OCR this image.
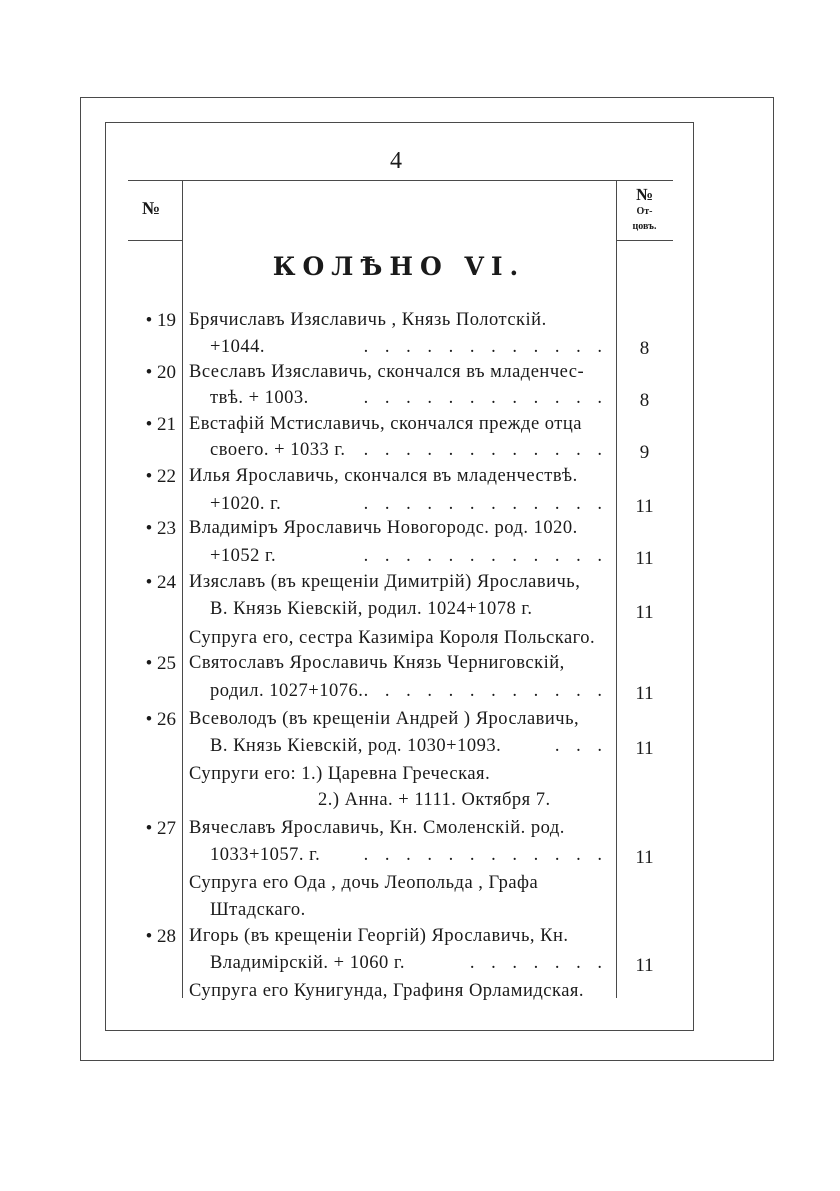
4
№
№
От-
цовъ.
КОЛѢНО VI.
• 19 Брячиславъ Изяславичь , Князь Полотскій.
+1044.	. . . . . . . . . . . .	8
• 20 Всеславъ Изяславичь, скончался въ младенчес-
твѣ. + 1003.	. . . . . . . . . . . .	8
• 21 Евстафій Мстиславичь, скончался прежде отца
своего. + 1033 г. . . . . . . . . . . . .	9
• 22 Илья Ярославичь, скончался въ младенчествѣ.
+1020. г.	. . . . . . . . . . . .	11
• 23 Владиміръ Ярославичь Новогородс. род. 1020.
+1052 г.	. . . . . . . . . . . .	11
• 24 Изяславъ (въ крещеніи Димитрій) Ярославичь,
В. Князь Кіевскій, родил. 1024+1078 г.	11
Супруга его, сестра Казиміра Короля Польскаго.
• 25 Святославъ Ярославичь Князь Черниговскій,
родил. 1027+1076. . . . . . . . . . . . .	11
• 26 Всеволодъ (въ крещеніи Андрей ) Ярославичь,
В. Князь Кіевскій, род. 1030+1093.	. . .	11
Супруги его: 1.) Царевна Греческая.
2.) Анна. + 1111. Октября 7.
• 27 Вячеславъ Ярославичь, Кн. Смоленскій. род.
1033+1057. г. . . . . . . . . . . . .	11
Супруга его Ода , дочь Леопольда , Графа
Штадскаго.
• 28 Игорь (въ крещеніи Георгій) Ярославичь, Кн.
Владимірскій. + 1060 г.	. . . . . . .	11
Супруга его Кунигунда, Графиня Орламидская.
